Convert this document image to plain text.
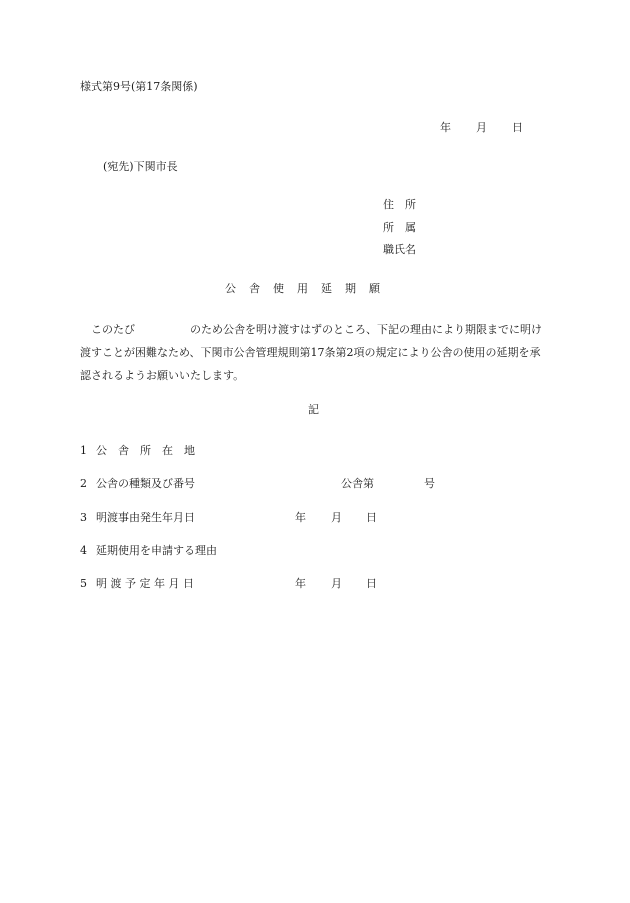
様式第9号(第17条関係)
年 月 日
(宛先)下関市長
住　所
所　属
職氏名
公　舎　使　用　延　期　願
　このたび　　　　　のため公舎を明け渡すはずのところ、下記の理由により期限までに明け渡すことが困難なため、下関市公舎管理規則第17条第2項の規定により公舎の使用の延期を承認されるようお願いいたします。
記
1 公　舎　所　在　地
2 公舎の種類及び番号	公舎第	号
3 明渡事由発生年月日	年 月 日
4 延期使用を申請する理由
5 明 渡 予 定 年 月 日	年 月 日
